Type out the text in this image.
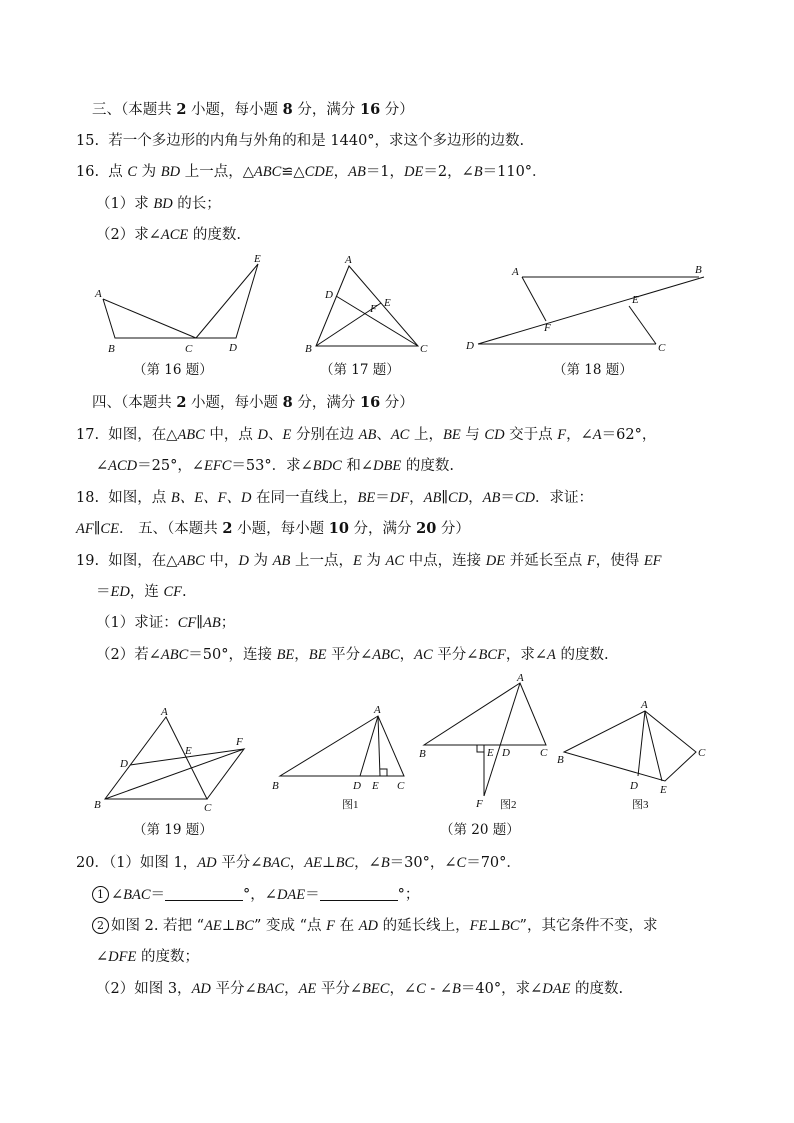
三、（本题共 2 小题，每小题 8 分，满分 16 分）
15. 若一个多边形的内角与外角的和是 1440°，求这个多边形的边数.
16. 点 C 为 BD 上一点，△ABC≌△CDE，AB＝1，DE＝2，∠B＝110°．
（1）求 BD 的长；
（2）求∠ACE 的度数.
A
B	C	D
E	A
D
E
F
B	C
A	B
E
F
D	C
A
D
E
F
B	C
A
B	D E C
A
B	E D	C
F
A
B
C
D E
图1	图2	图3
（第 16 题）	（第 17 题）	（第 18 题）
四、（本题共 2 小题，每小题 8 分，满分 16 分）
17. 如图，在△ABC 中，点 D、E 分别在边 AB、AC 上，BE 与 CD 交于点 F，∠A＝62°，
∠ACD＝25°，∠EFC＝53°．求∠BDC 和∠DBE 的度数.
18. 如图，点 B、E、F、D 在同一直线上，BE＝DF，AB∥CD，AB＝CD．求证：
AF∥CE． 五、（本题共 2 小题，每小题 10 分，满分 20 分）
19. 如图，在△ABC 中，D 为 AB 上一点，E 为 AC 中点，连接 DE 并延长至点 F，使得 EF
＝ED，连 CF.
（1）求证：CF∥AB；
（2）若∠ABC＝50°，连接 BE，BE 平分∠ABC，AC 平分∠BCF，求∠A 的度数.
（第 19 题）	（第 20 题）
20．（1）如图 1，AD 平分∠BAC，AE⊥BC，∠B＝30°，∠C＝70°．
1 ∠BAC＝	°，∠DAE＝	°；
2 如图 2. 若把 “AE⊥BC” 变成 “点 F 在 AD 的延长线上，FE⊥BC”，其它条件不变，求
∠DFE 的度数；
（2）如图 3，AD 平分∠BAC，AE 平分∠BEC，∠C - ∠B＝40°，求∠DAE 的度数.
